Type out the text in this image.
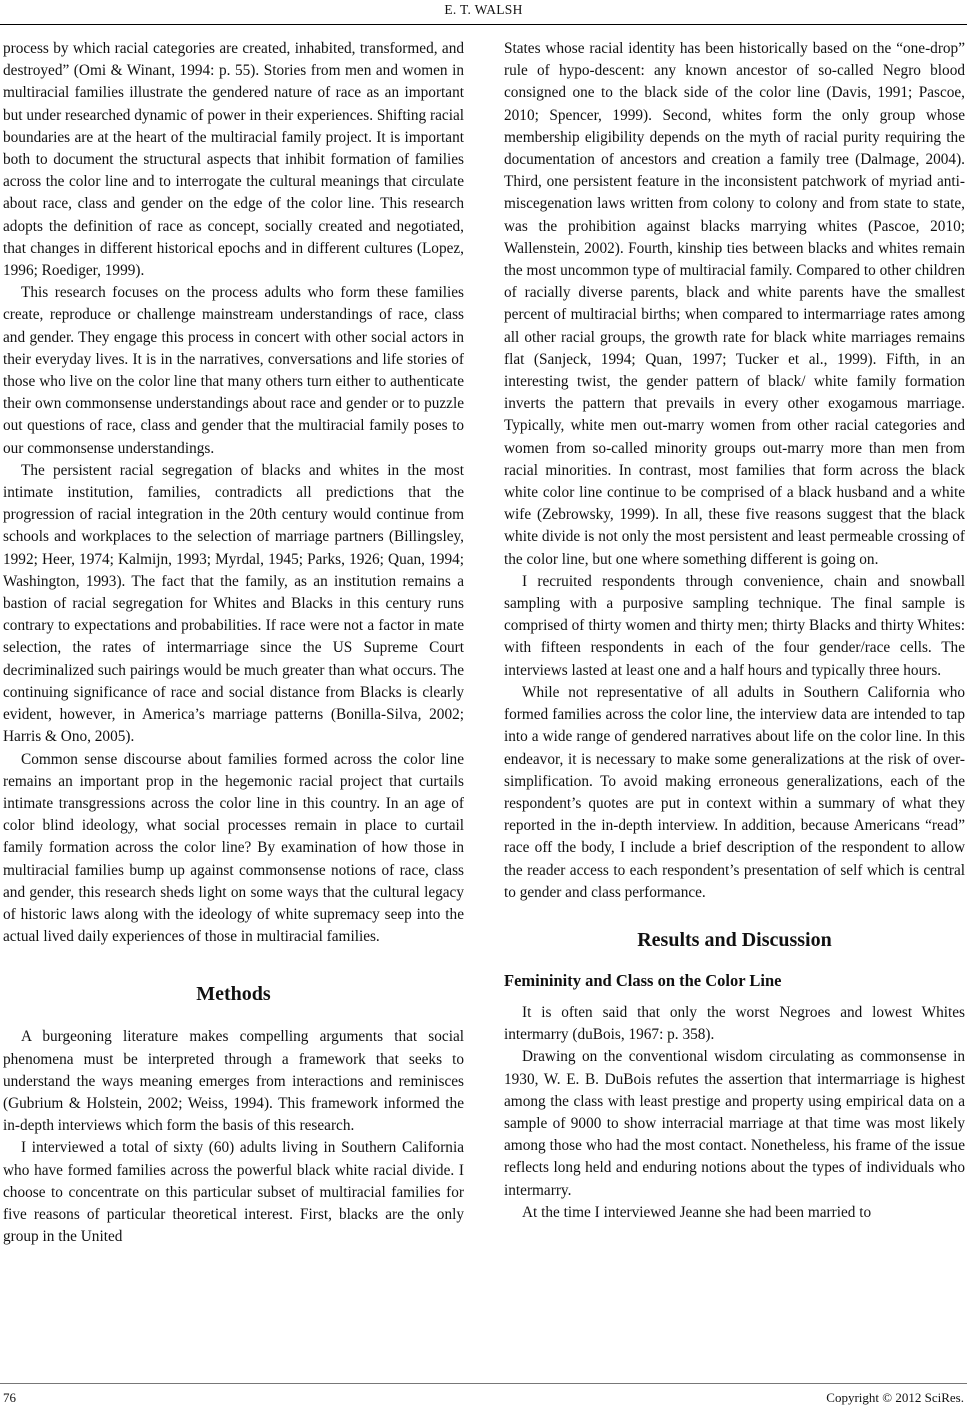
E. T. WALSH

process by which racial categories are created, inhabited, transformed, and destroyed” (Omi & Winant, 1994: p. 55). Stories from men and women in multiracial families illustrate the gendered nature of race as an important but under researched dynamic of power in their experiences. Shifting racial boundaries are at the heart of the multiracial family project. It is important both to document the structural aspects that inhibit formation of families across the color line and to interrogate the cultural meanings that circulate about race, class and gender on the edge of the color line. This research adopts the definition of race as concept, socially created and negotiated, that changes in different historical epochs and in different cultures (Lopez, 1996; Roediger, 1999).

This research focuses on the process adults who form these families create, reproduce or challenge mainstream understandings of race, class and gender. They engage this process in concert with other social actors in their everyday lives. It is in the narratives, conversations and life stories of those who live on the color line that many others turn either to authenticate their own commonsense understandings about race and gender or to puzzle out questions of race, class and gender that the multiracial family poses to our commonsense understandings.

The persistent racial segregation of blacks and whites in the most intimate institution, families, contradicts all predictions that the progression of racial integration in the 20th century would continue from schools and workplaces to the selection of marriage partners (Billingsley, 1992; Heer, 1974; Kalmijn, 1993; Myrdal, 1945; Parks, 1926; Quan, 1994; Washington, 1993). The fact that the family, as an institution remains a bastion of racial segregation for Whites and Blacks in this century runs contrary to expectations and probabilities. If race were not a factor in mate selection, the rates of intermarriage since the US Supreme Court decriminalized such pairings would be much greater than what occurs. The continuing significance of race and social distance from Blacks is clearly evident, however, in America’s marriage patterns (Bonilla-Silva, 2002; Harris & Ono, 2005).

Common sense discourse about families formed across the color line remains an important prop in the hegemonic racial project that curtails intimate transgressions across the color line in this country. In an age of color blind ideology, what social processes remain in place to curtail family formation across the color line? By examination of how those in multiracial families bump up against commonsense notions of race, class and gender, this research sheds light on some ways that the cultural legacy of historic laws along with the ideology of white supremacy seep into the actual lived daily experiences of those in multiracial families.

Methods

A burgeoning literature makes compelling arguments that social phenomena must be interpreted through a framework that seeks to understand the ways meaning emerges from interactions and reminisces (Gubrium & Holstein, 2002; Weiss, 1994). This framework informed the in-depth interviews which form the basis of this research.

I interviewed a total of sixty (60) adults living in Southern California who have formed families across the powerful black white racial divide. I choose to concentrate on this particular subset of multiracial families for five reasons of particular theoretical interest. First, blacks are the only group in the United

States whose racial identity has been historically based on the “one-drop” rule of hypo-descent: any known ancestor of so-called Negro blood consigned one to the black side of the color line (Davis, 1991; Pascoe, 2010; Spencer, 1999). Second, whites form the only group whose membership eligibility depends on the myth of racial purity requiring the documentation of ancestors and creation a family tree (Dalmage, 2004). Third, one persistent feature in the inconsistent patchwork of myriad anti-miscegenation laws written from colony to colony and from state to state, was the prohibition against blacks marrying whites (Pascoe, 2010; Wallenstein, 2002). Fourth, kinship ties between blacks and whites remain the most uncommon type of multiracial family. Compared to other children of racially diverse parents, black and white parents have the smallest percent of multiracial births; when compared to intermarriage rates among all other racial groups, the growth rate for black white marriages remains flat (Sanjeck, 1994; Quan, 1997; Tucker et al., 1999). Fifth, in an interesting twist, the gender pattern of black/ white family formation inverts the pattern that prevails in every other exogamous marriage. Typically, white men out-marry women from other racial categories and women from so-called minority groups out-marry more than men from racial minorities. In contrast, most families that form across the black white color line continue to be comprised of a black husband and a white wife (Zebrowsky, 1999). In all, these five reasons suggest that the black white divide is not only the most persistent and least permeable crossing of the color line, but one where something different is going on.

I recruited respondents through convenience, chain and snowball sampling with a purposive sampling technique. The final sample is comprised of thirty women and thirty men; thirty Blacks and thirty Whites: with fifteen respondents in each of the four gender/race cells. The interviews lasted at least one and a half hours and typically three hours.

While not representative of all adults in Southern California who formed families across the color line, the interview data are intended to tap into a wide range of gendered narratives about life on the color line. In this endeavor, it is necessary to make some generalizations at the risk of over-simplification. To avoid making erroneous generalizations, each of the respondent’s quotes are put in context within a summary of what they reported in the in-depth interview. In addition, because Americans “read” race off the body, I include a brief description of the respondent to allow the reader access to each respondent’s presentation of self which is central to gender and class performance.

Results and Discussion
Femininity and Class on the Color Line

It is often said that only the worst Negroes and lowest Whites intermarry (duBois, 1967: p. 358).

Drawing on the conventional wisdom circulating as commonsense in 1930, W. E. B. DuBois refutes the assertion that intermarriage is highest among the class with least prestige and property using empirical data on a sample of 9000 to show interracial marriage at that time was most likely among those who had the most contact. Nonetheless, his frame of the issue reflects long held and enduring notions about the types of individuals who intermarry.

At the time I interviewed Jeanne she had been married to

76	Copyright © 2012 SciRes.
